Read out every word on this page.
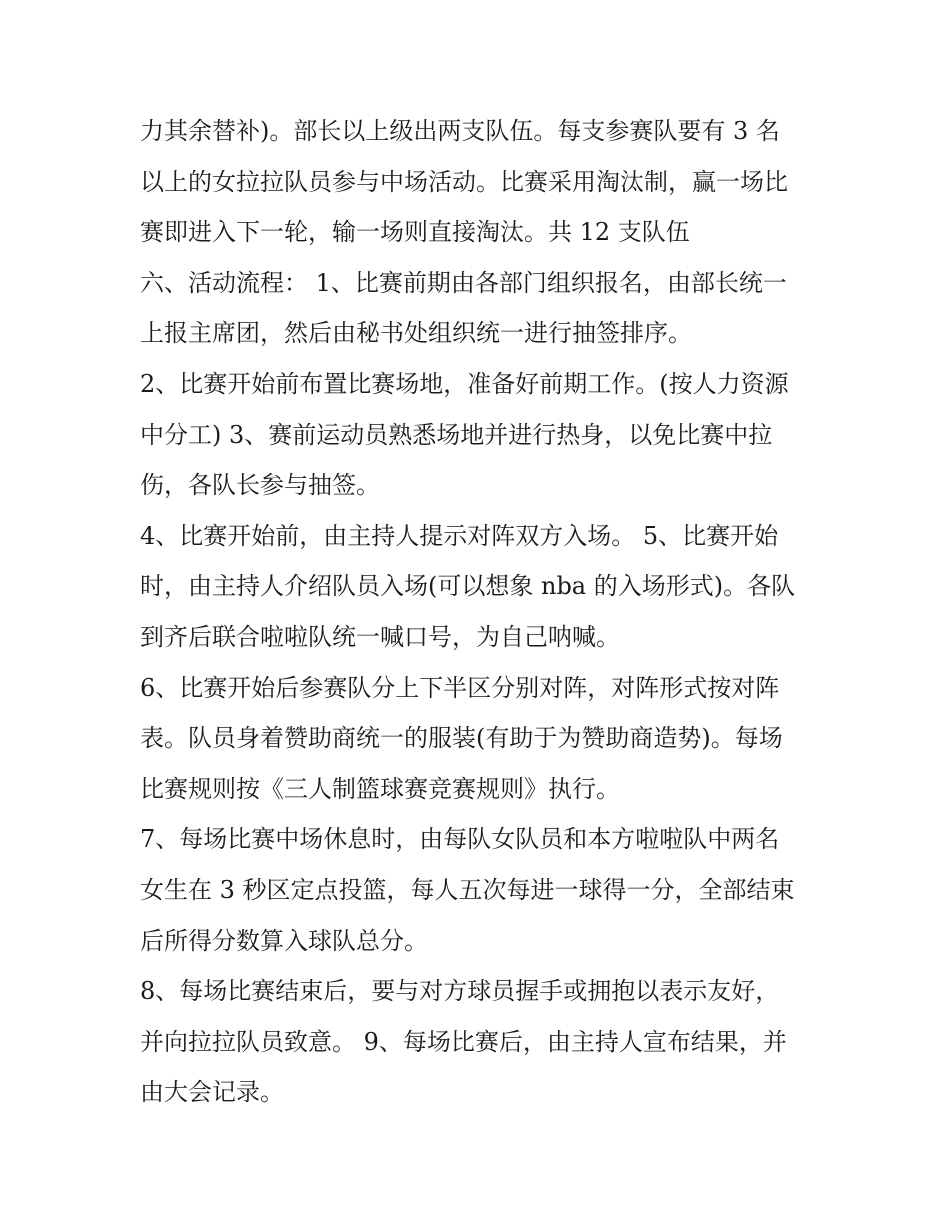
力其余替补)。部长以上级出两支队伍。每支参赛队要有 3 名
以上的女拉拉队员参与中场活动。比赛采用淘汰制，赢一场比
赛即进入下一轮，输一场则直接淘汰。共 12 支队伍
六、活动流程： 1、比赛前期由各部门组织报名，由部长统一
上报主席团，然后由秘书处组织统一进行抽签排序。
2、比赛开始前布置比赛场地，准备好前期工作。(按人力资源
中分工) 3、赛前运动员熟悉场地并进行热身，以免比赛中拉
伤，各队长参与抽签。
4、比赛开始前，由主持人提示对阵双方入场。 5、比赛开始
时，由主持人介绍队员入场(可以想象 nba 的入场形式)。各队
到齐后联合啦啦队统一喊口号，为自己呐喊。
6、比赛开始后参赛队分上下半区分别对阵，对阵形式按对阵
表。队员身着赞助商统一的服装(有助于为赞助商造势)。每场
比赛规则按《三人制篮球赛竞赛规则》执行。
7、每场比赛中场休息时，由每队女队员和本方啦啦队中两名
女生在 3 秒区定点投篮，每人五次每进一球得一分，全部结束
后所得分数算入球队总分。
8、每场比赛结束后，要与对方球员握手或拥抱以表示友好，
并向拉拉队员致意。 9、每场比赛后，由主持人宣布结果，并
由大会记录。
